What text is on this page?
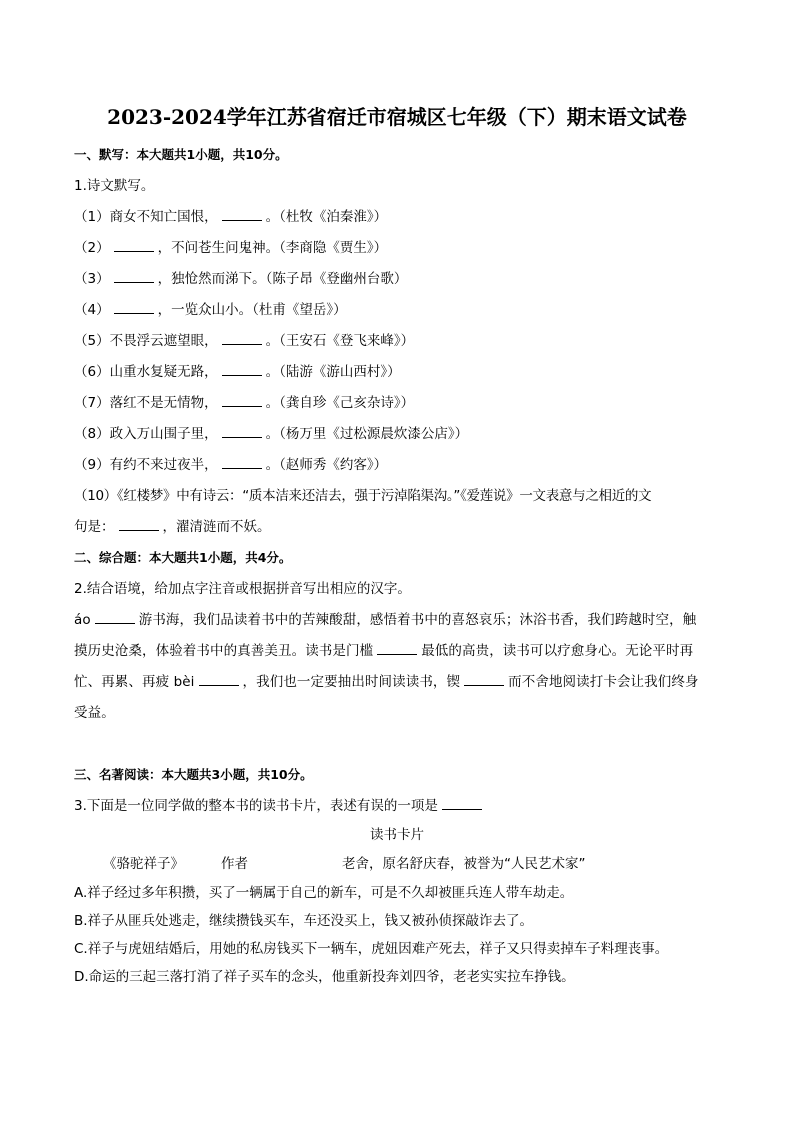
2023-2024学年江苏省宿迁市宿城区七年级（下）期末语文试卷
一、默写：本大题共1小题，共10分。
1.诗文默写。
（1）商女不知亡国恨，	。（杜牧《泊秦淮》）
（2）	，不问苍生问鬼神。（李商隐《贾生》）
（3）	，独怆然而涕下。（陈子昂《登幽州台歌）
（4）	，一览众山小。（杜甫《望岳》）
（5）不畏浮云遮望眼，	。（王安石《登飞来峰》）
（6）山重水复疑无路，	。（陆游《游山西村》）
（7）落红不是无情物，	。（龚自珍《己亥杂诗》）
（8）政入万山围子里，	。（杨万里《过松源晨炊漆公店》）
（9）有约不来过夜半，	。（赵师秀《约客》）
（10）《红楼梦》中有诗云：“质本洁来还洁去，强于污淖陷渠沟。”《爱莲说》一文表意与之相近的文
句是：	，濯清涟而不妖。
二、综合题：本大题共1小题，共4分。
2.结合语境，给加点字注音或根据拼音写出相应的汉字。
áo	游书海，我们品读着书中的苦辣酸甜，感悟着书中的喜怒哀乐；沐浴书香，我们跨越时空，触
摸历史沧桑，体验着书中的真善美丑。读书是门槛	最低的高贵，读书可以疗愈身心。无论平时再
忙、再累、再疲 bèi	，我们也一定要抽出时间读读书，锲	而不舍地阅读打卡会让我们终身
受益。
三、名著阅读：本大题共3小题，共10分。
3.下面是一位同学做的整本书的读书卡片，表述有误的一项是
读书卡片
《骆驼祥子》	作者	老舍，原名舒庆春，被誉为“人民艺术家”
A.祥子经过多年积攒，买了一辆属于自己的新车，可是不久却被匪兵连人带车劫走。
B.祥子从匪兵处逃走，继续攒钱买车，车还没买上，钱又被孙侦探敲诈去了。
C.祥子与虎妞结婚后，用她的私房钱买下一辆车，虎妞因难产死去，祥子又只得卖掉车子料理丧事。
D.命运的三起三落打消了祥子买车的念头，他重新投奔刘四爷，老老实实拉车挣钱。
